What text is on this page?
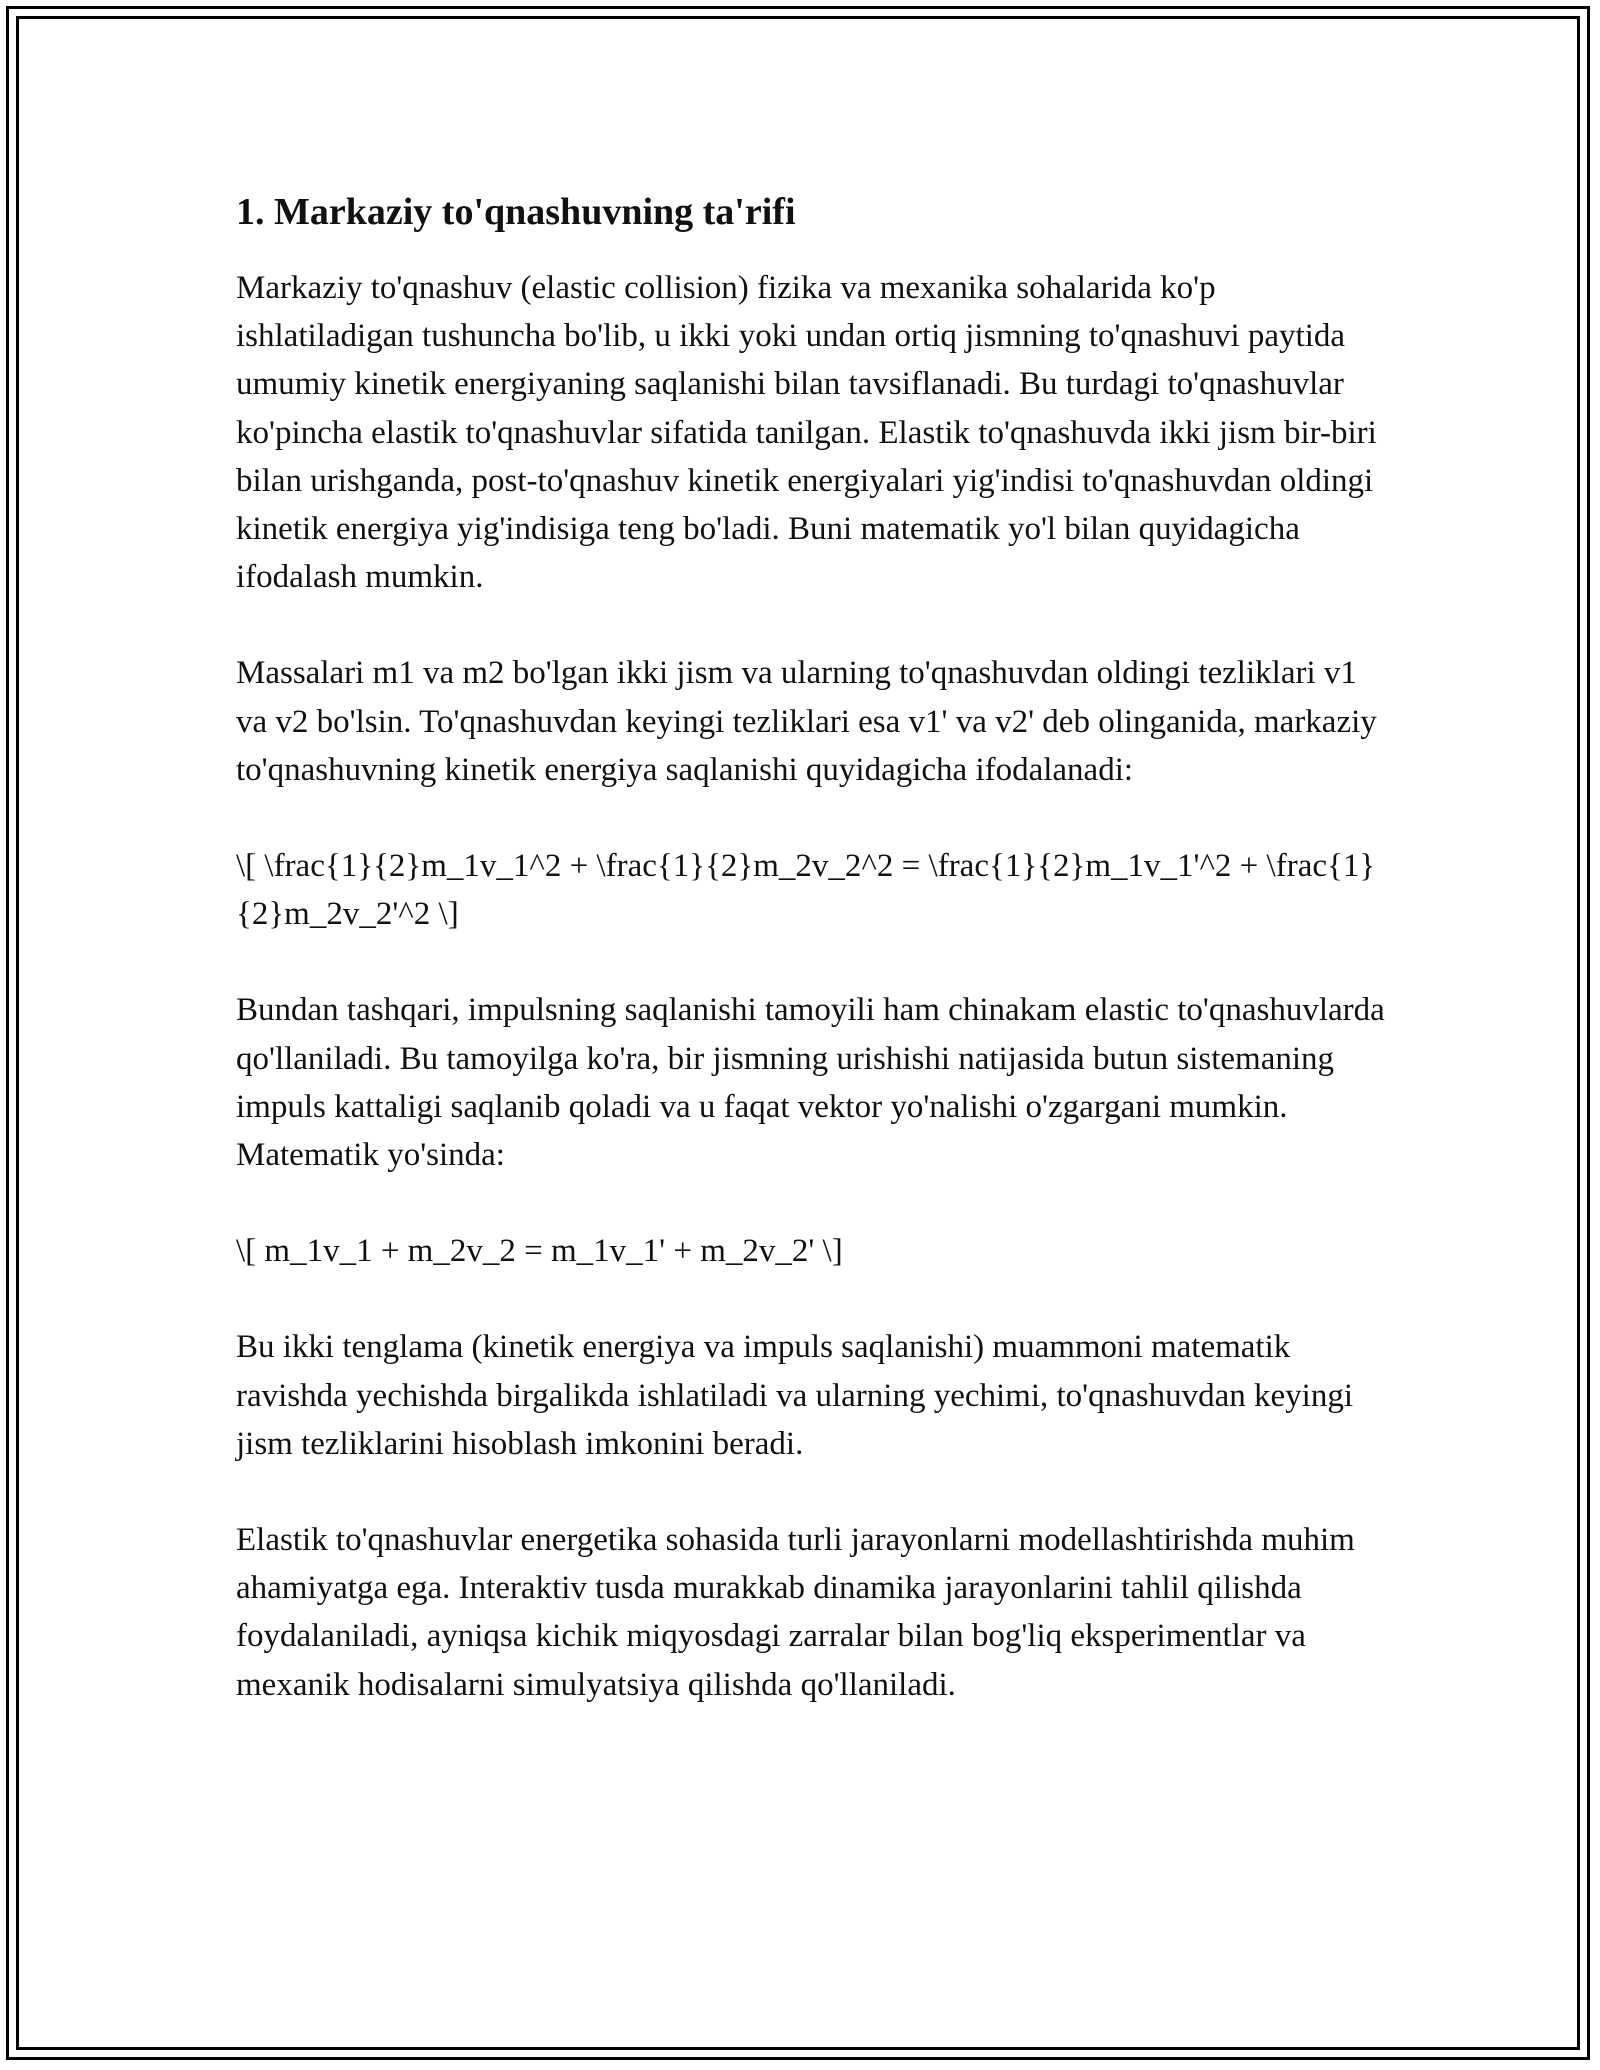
1. Markaziy to'qnashuvning ta'rifi

Markaziy to'qnashuv (elastic collision) fizika va mexanika sohalarida ko'p ishlatiladigan tushuncha bo'lib, u ikki yoki undan ortiq jismning to'qnashuvi paytida umumiy kinetik energiyaning saqlanishi bilan tavsiflanadi. Bu turdagi to'qnashuvlar ko'pincha elastik to'qnashuvlar sifatida tanilgan. Elastik to'qnashuvda ikki jism bir-biri bilan urishganda, post-to'qnashuv kinetik energiyalari yig'indisi to'qnashuvdan oldingi kinetik energiya yig'indisiga teng bo'ladi. Buni matematik yo'l bilan quyidagicha ifodalash mumkin.

Massalari m1 va m2 bo'lgan ikki jism va ularning to'qnashuvdan oldingi tezliklari v1 va v2 bo'lsin. To'qnashuvdan keyingi tezliklari esa v1' va v2' deb olinganida, markaziy to'qnashuvning kinetik energiya saqlanishi quyidagicha ifodalanadi:

\[ \frac{1}{2}m_1v_1^2 + \frac{1}{2}m_2v_2^2 = \frac{1}{2}m_1v_1'^2 + \frac{1}{2}m_2v_2'^2 \]

Bundan tashqari, impulsning saqlanishi tamoyili ham chinakam elastic to'qnashuvlarda qo'llaniladi. Bu tamoyilga ko'ra, bir jismning urishishi natijasida butun sistemaning impuls kattaligi saqlanib qoladi va u faqat vektor yo'nalishi o'zgargani mumkin. Matematik yo'sinda:

\[ m_1v_1 + m_2v_2 = m_1v_1' + m_2v_2' \]

Bu ikki tenglama (kinetik energiya va impuls saqlanishi) muammoni matematik ravishda yechishda birgalikda ishlatiladi va ularning yechimi, to'qnashuvdan keyingi jism tezliklarini hisoblash imkonini beradi.

Elastik to'qnashuvlar energetika sohasida turli jarayonlarni modellashtirishda muhim ahamiyatga ega. Interaktiv tusda murakkab dinamika jarayonlarini tahlil qilishda foydalaniladi, ayniqsa kichik miqyosdagi zarralar bilan bog'liq eksperimentlar va mexanik hodisalarni simulyatsiya qilishda qo'llaniladi.
